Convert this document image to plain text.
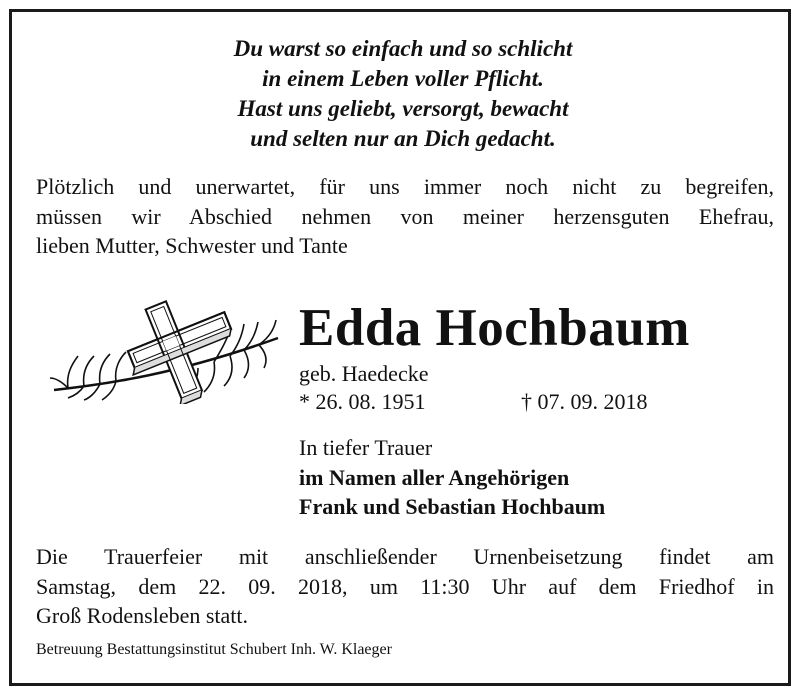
Du warst so einfach und so schlicht
in einem Leben voller Pflicht.
Hast uns geliebt, versorgt, bewacht
und selten nur an Dich gedacht.
Plötzlich und unerwartet, für uns immer noch nicht zu begreifen,
müssen wir Abschied nehmen von meiner herzensguten Ehefrau,
lieben Mutter, Schwester und Tante
Edda Hochbaum
geb. Haedecke
* 26. 08. 1951	† 07. 09. 2018
In tiefer Trauer
im Namen aller Angehörigen
Frank und Sebastian Hochbaum
Die Trauerfeier mit anschließender Urnenbeisetzung findet am
Samstag, dem 22. 09. 2018, um 11:30 Uhr auf dem Friedhof in
Groß Rodensleben statt.
Betreuung Bestattungsinstitut Schubert Inh. W. Klaeger
